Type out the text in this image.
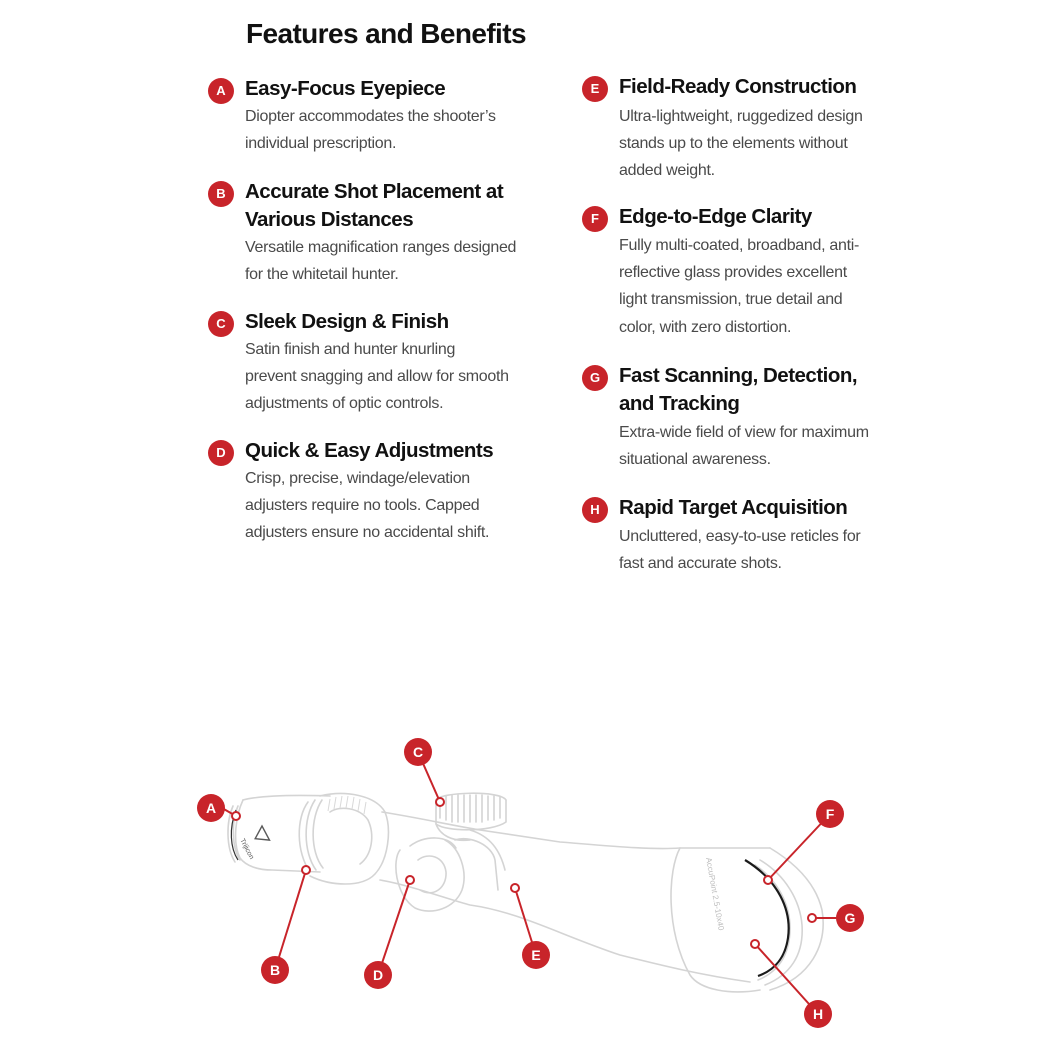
Features and Benefits
A Easy-Focus Eyepiece
Diopter accommodates the shooter’s
individual prescription.
B Accurate Shot Placement at
Various Distances
Versatile magnification ranges designed
for the whitetail hunter.
C Sleek Design & Finish
Satin finish and hunter knurling
prevent snagging and allow for smooth
adjustments of optic controls.
D Quick & Easy Adjustments
Crisp, precise, windage/elevation
adjusters require no tools. Capped
adjusters ensure no accidental shift.
E Field-Ready Construction
Ultra-lightweight, ruggedized design
stands up to the elements without
added weight.
F Edge-to-Edge Clarity
Fully multi-coated, broadband, anti-
reflective glass provides excellent
light transmission, true detail and
color, with zero distortion.
G Fast Scanning, Detection,
and Tracking
Extra-wide field of view for maximum
situational awareness.
H Rapid Target Acquisition
Uncluttered, easy-to-use reticles for
fast and accurate shots.
Trijicon
AccuPoint 2.5-10x40
A
B
C
D
E
F
G
H
